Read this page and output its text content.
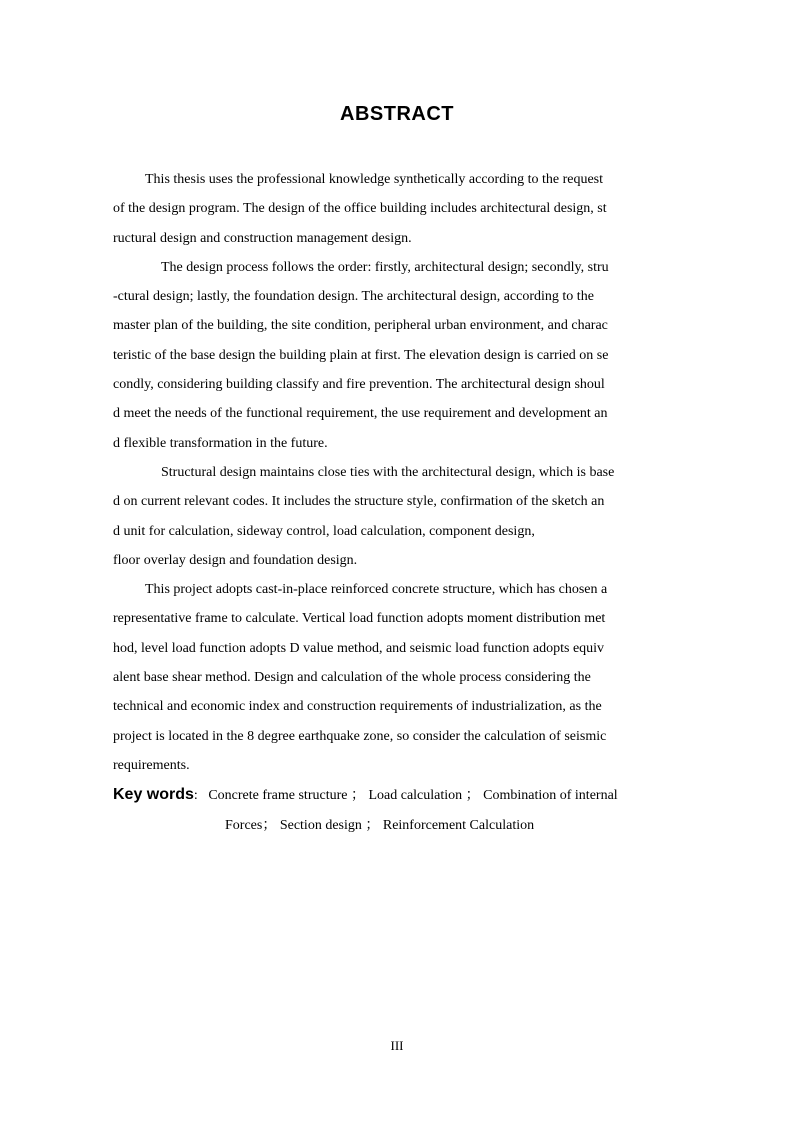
ABSTRACT

This thesis uses the professional knowledge synthetically according to the request
of the design program. The design of the office building includes architectural design, st
ructural design and construction management design.

The design process follows the order: firstly, architectural design; secondly, stru
-ctural design; lastly, the foundation design. The architectural design, according to the
master plan of the building, the site condition, peripheral urban environment, and charac
teristic of the base design the building plain at first. The elevation design is carried on se
condly, considering building classify and fire prevention. The architectural design shoul
d meet the needs of the functional requirement, the use requirement and development an
d flexible transformation in the future.

Structural design maintains close ties with the architectural design, which is base
d on current relevant codes. It includes the structure style, confirmation of the sketch an
d unit for calculation, sideway control, load calculation, component design,
floor overlay design and foundation design.

This project adopts cast-in-place reinforced concrete structure, which has chosen a
representative frame to calculate. Vertical load function adopts moment distribution met
hod, level load function adopts D value method, and seismic load function adopts equiv
alent base shear method. Design and calculation of the whole process considering the
technical and economic index and construction requirements of industrialization, as the
project is located in the 8 degree earthquake zone, so consider the calculation of seismic
requirements.

Key words: Concrete frame structure ； Load calculation ； Combination of internal
Forces； Section design ； Reinforcement Calculation

III
